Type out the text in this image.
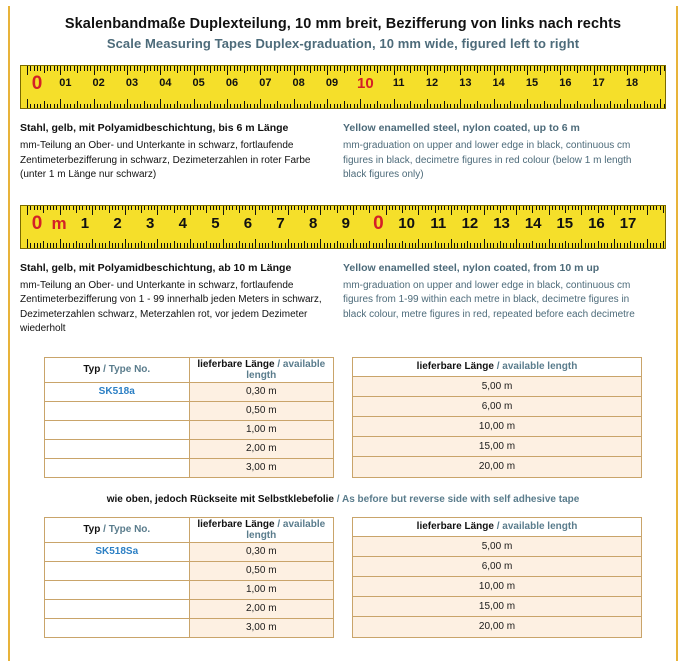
Skalenbandmaße Duplexteilung, 10 mm breit, Bezifferung von links nach rechts
Scale Measuring Tapes Duplex-graduation, 10 mm wide, figured left to right
0 01 02 03 04 05 06 07 08 09 10 11 12 13 14 15 16 17 18
Stahl, gelb, mit Polyamidbeschichtung, bis 6 m Länge
mm-Teilung an Ober- und Unterkante in schwarz, fortlaufende Zentimeterbezifferung in schwarz, Dezimeterzahlen in roter Farbe (unter 1 m Länge nur schwarz)
Yellow enamelled steel, nylon coated, up to 6 m
mm-graduation on upper and lower edge in black, continuous cm figures in black, decimetre figures in red colour (below 1 m length black figures only)
0 m 1 2 3 4 5 6 7 8 9 0 10 11 12 13 14 15 16 17
Stahl, gelb, mit Polyamidbeschichtung, ab 10 m Länge
mm-Teilung an Ober- und Unterkante in schwarz, fortlaufende Zentimeterbezifferung von 1 - 99 innerhalb jeden Meters in schwarz, Dezimeterzahlen schwarz, Meterzahlen rot, vor jedem Dezimeter wiederholt
Yellow enamelled steel, nylon coated, from 10 m up
mm-graduation on upper and lower edge in black, continuous cm figures from 1-99 within each metre in black, decimetre figures in black colour, metre figures in red, repeated before each decimetre
Typ / Type No.	lieferbare Länge / available length
SK518a	0,30 m
	0,50 m
	1,00 m
	2,00 m
	3,00 m
lieferbare Länge / available length
5,00 m
6,00 m
10,00 m
15,00 m
20,00 m
wie oben, jedoch Rückseite mit Selbstklebefolie / As before but reverse side with self adhesive tape
Typ / Type No.	lieferbare Länge / available length
SK518Sa	0,30 m
	0,50 m
	1,00 m
	2,00 m
	3,00 m
lieferbare Länge / available length
5,00 m
6,00 m
10,00 m
15,00 m
20,00 m
